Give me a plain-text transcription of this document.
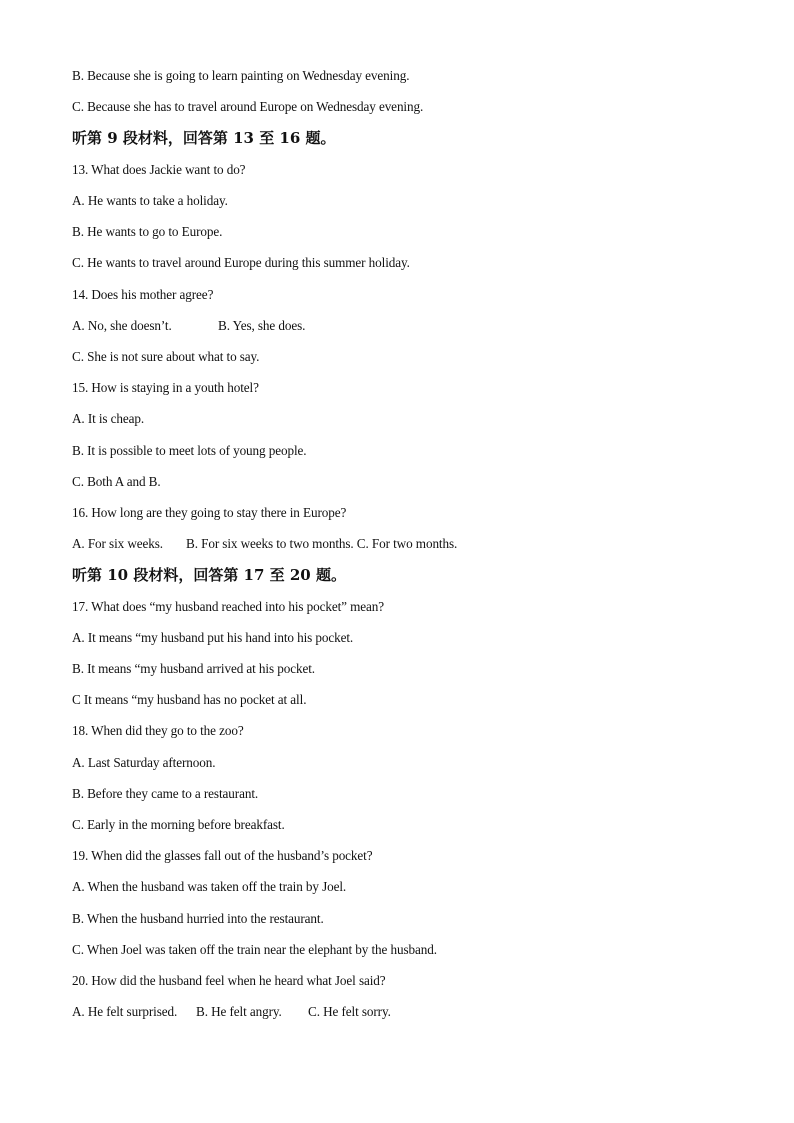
B. Because she is going to learn painting on Wednesday evening.
C. Because she has to travel around Europe on Wednesday evening.
听第 9 段材料，回答第 13 至 16 题。
13. What does Jackie want to do?
A. He wants to take a holiday.
B. He wants to go to Europe.
C. He wants to travel around Europe during this summer holiday.
14. Does his mother agree?
A. No, she doesn’t.	B. Yes, she does.
C. She is not sure about what to say.
15. How is staying in a youth hotel?
A. It is cheap.
B. It is possible to meet lots of young people.
C. Both A and B.
16. How long are they going to stay there in Europe?
A. For six weeks. B. For six weeks to two months. C. For two months.
听第 10 段材料，回答第 17 至 20 题。
17. What does “my husband reached into his pocket” mean?
A. It means “my husband put his hand into his pocket.
B. It means “my husband arrived at his pocket.
C It means “my husband has no pocket at all.
18. When did they go to the zoo?
A. Last Saturday afternoon.
B. Before they came to a restaurant.
C. Early in the morning before breakfast.
19. When did the glasses fall out of the husband’s pocket?
A. When the husband was taken off the train by Joel.
B. When the husband hurried into the restaurant.
C. When Joel was taken off the train near the elephant by the husband.
20. How did the husband feel when he heard what Joel said?
A. He felt surprised. B. He felt angry. C. He felt sorry.
